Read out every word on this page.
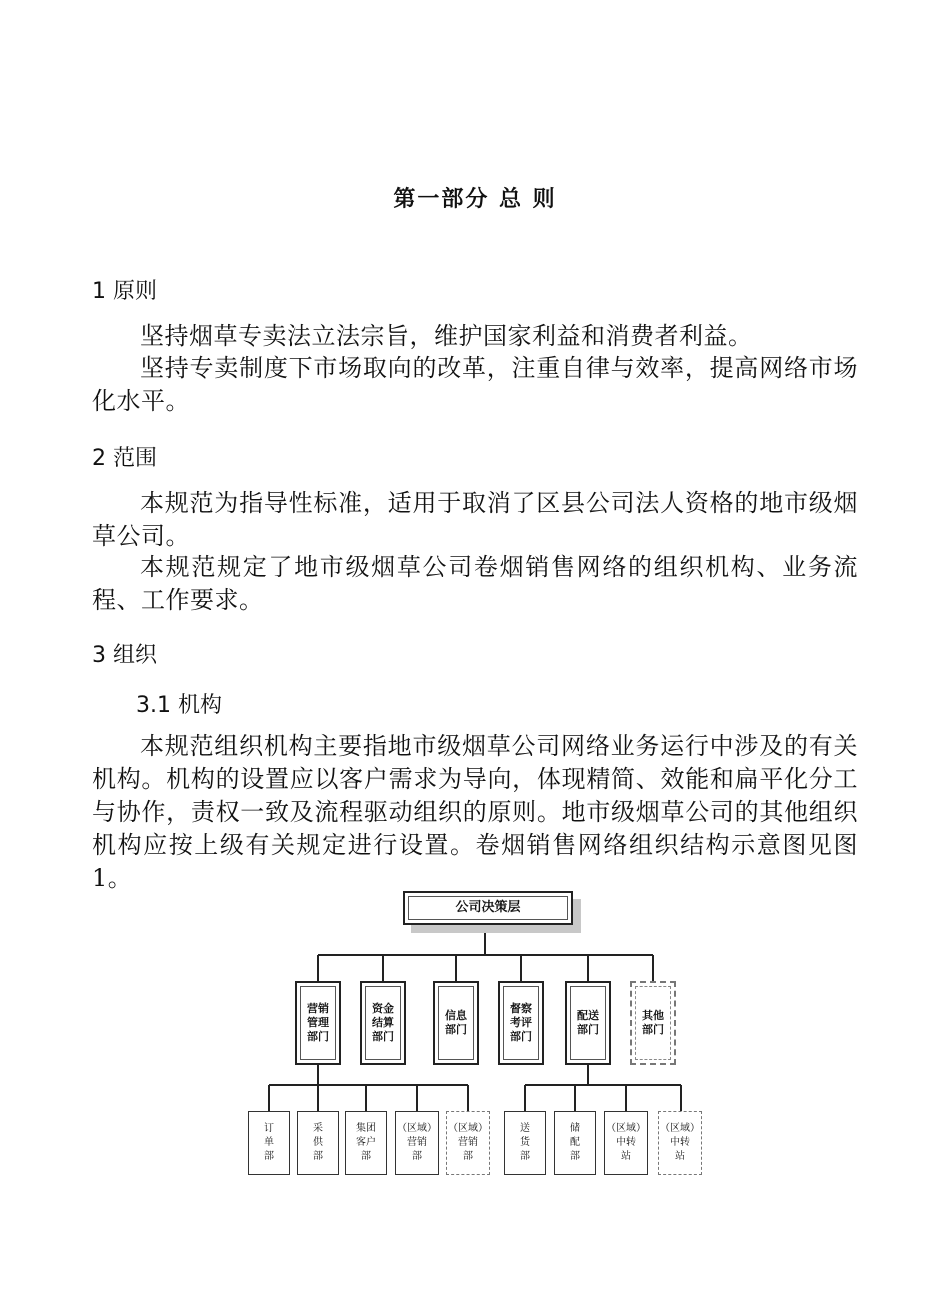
第一部分 总 则
1 原则

坚持烟草专卖法立法宗旨，维护国家利益和消费者利益。

坚持专卖制度下市场取向的改革，注重自律与效率，提高网络市场化水平。

2 范围

本规范为指导性标准，适用于取消了区县公司法人资格的地市级烟草公司。

本规范规定了地市级烟草公司卷烟销售网络的组织机构、业务流程、工作要求。

3 组织
3.1 机构

本规范组织机构主要指地市级烟草公司网络业务运行中涉及的有关机构。机构的设置应以客户需求为导向，体现精简、效能和扁平化分工与协作，责权一致及流程驱动组织的原则。地市级烟草公司的其他组织机构应按上级有关规定进行设置。卷烟销售网络组织结构示意图见图 1。

公司决策层
营销
管理
部门
资金
结算
部门
信息
部门
督察
考评
部门
配送
部门
其他
部门
订
单
部
采
供
部
集团
客户
部
（区域）
营销
部
（区域）
营销
部
送
货
部
储
配
部
（区域）
中转
站
（区域）
中转
站
